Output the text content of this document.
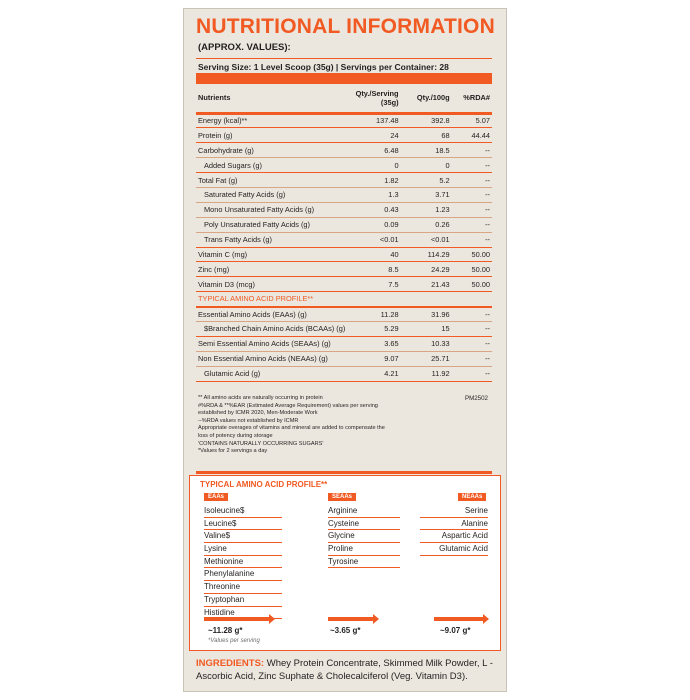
NUTRITIONAL INFORMATION
(APPROX. VALUES):
Serving Size: 1 Level Scoop (35g) | Servings per Container: 28
Nutrients	Qty./Serving
(35g)	Qty./100g	%RDA#
Energy (kcal)**	137.48	392.8	5.07
Protein (g)	24	68	44.44
Carbohydrate (g)	6.48	18.5	--
Added Sugars (g)	0	0	--
Total Fat (g)	1.82	5.2	--
Saturated Fatty Acids (g)	1.3	3.71	--
Mono Unsaturated Fatty Acids (g)	0.43	1.23	--
Poly Unsaturated Fatty Acids (g)	0.09	0.26	--
Trans Fatty Acids (g)	<0.01	<0.01	--
Vitamin C (mg)	40	114.29	50.00
Zinc (mg)	8.5	24.29	50.00
Vitamin D3 (mcg)	7.5	21.43	50.00
TYPICAL AMINO ACID PROFILE**			
Essential Amino Acids (EAAs) (g)	11.28	31.96	--
$Branched Chain Amino Acids (BCAAs) (g)	5.29	15	--
Semi Essential Amino Acids (SEAAs) (g)	3.65	10.33	--
Non Essential Amino Acids (NEAAs) (g)	9.07	25.71	--
Glutamic Acid (g)	4.21	11.92	--

** All amino acids are naturally occurring in protein

#%RDA & **%EAR (Estimated Average Requirement) values per serving

established by ICMR 2020, Men-Moderate Work

--%RDA values not established by ICMR

Appropriate overages of vitamins and mineral are added to compensate the

loss of potency during storage

'CONTAINS NATURALLY OCCURRING SUGARS'

*Values for 2 servings a day

PM2502
TYPICAL AMINO ACID PROFILE**
EAAs
Isoleucine$
Leucine$
Valine$
Lysine
Methionine
Phenylalanine
Threonine
Tryptophan
Histidine
SEAAs
Arginine
Cysteine
Glycine
Proline
Tyrosine
NEAAs
Serine
Alanine
Aspartic Acid
Glutamic Acid
~11.28 g*	~3.65 g*	~9.07 g*
*Values per serving
INGREDIENTS: Whey Protein Concentrate, Skimmed Milk Powder, L - Ascorbic Acid, Zinc Suphate & Cholecalciferol (Veg. Vitamin D3).
